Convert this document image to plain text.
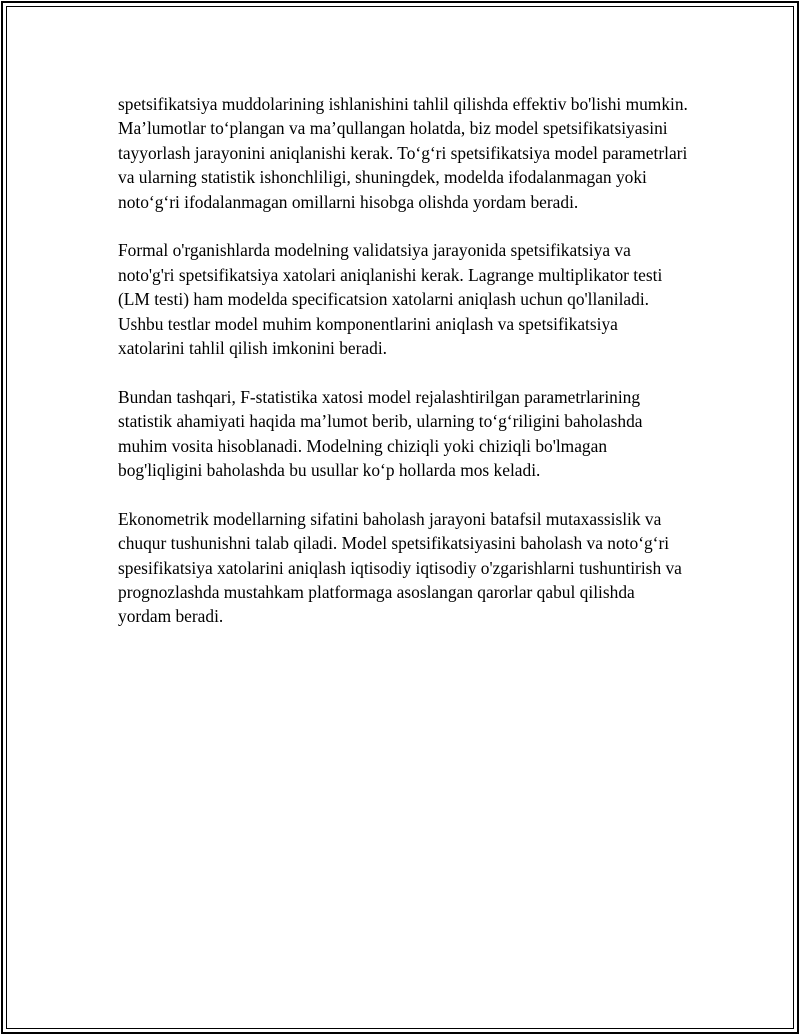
spetsifikatsiya muddolarining ishlanishini tahlil qilishda effektiv bo'lishi mumkin. Ma’lumotlar to‘plangan va ma’qullangan holatda, biz model spetsifikatsiyasini tayyorlash jarayonini aniqlanishi kerak. To‘g‘ri spetsifikatsiya model parametrlari va ularning statistik ishonchliligi, shuningdek, modelda ifodalanmagan yoki noto‘g‘ri ifodalanmagan omillarni hisobga olishda yordam beradi.

Formal o'rganishlarda modelning validatsiya jarayonida spetsifikatsiya va noto'g'ri spetsifikatsiya xatolari aniqlanishi kerak. Lagrange multiplikator testi (LM testi) ham modelda specificatsion xatolarni aniqlash uchun qo'llaniladi. Ushbu testlar model muhim komponentlarini aniqlash va spetsifikatsiya xatolarini tahlil qilish imkonini beradi.

Bundan tashqari, F-statistika xatosi model rejalashtirilgan parametrlarining statistik ahamiyati haqida ma’lumot berib, ularning to‘g‘riligini baholashda muhim vosita hisoblanadi. Modelning chiziqli yoki chiziqli bo'lmagan bog'liqligini baholashda bu usullar ko‘p hollarda mos keladi.

Ekonometrik modellarning sifatini baholash jarayoni batafsil mutaxassislik va chuqur tushunishni talab qiladi. Model spetsifikatsiyasini baholash va noto‘g‘ri spesifikatsiya xatolarini aniqlash iqtisodiy iqtisodiy o'zgarishlarni tushuntirish va prognozlashda mustahkam platformaga asoslangan qarorlar qabul qilishda yordam beradi.
